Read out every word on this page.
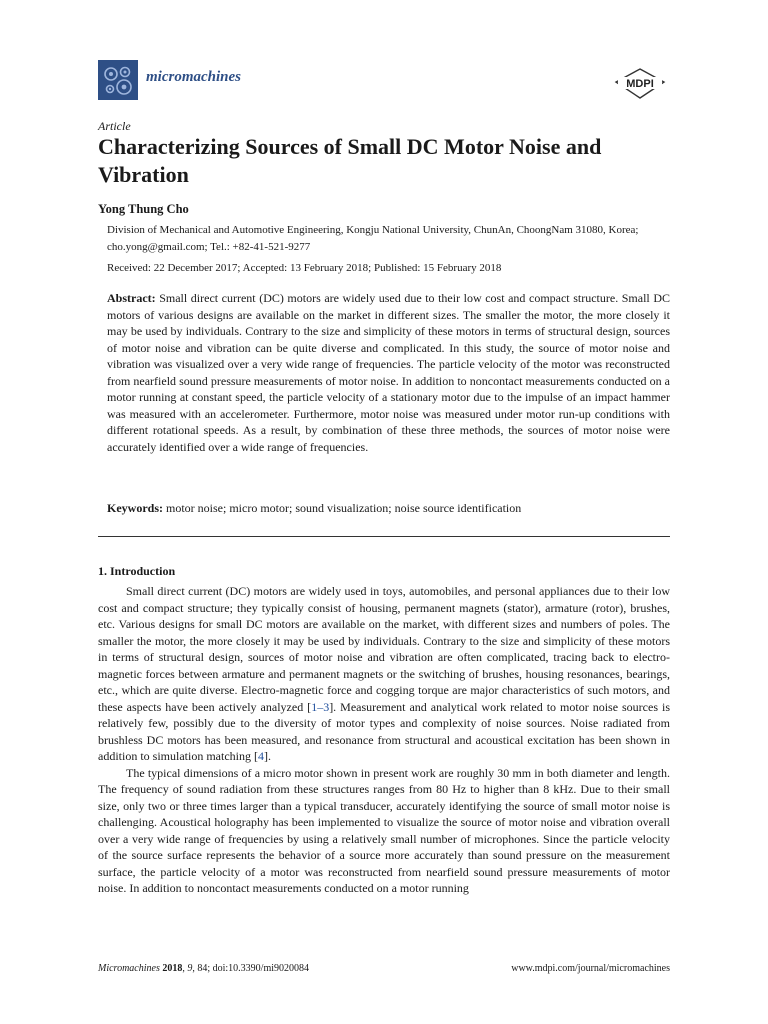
micromachines	MDPI
Article
Characterizing Sources of Small DC Motor Noise and Vibration
Yong Thung Cho
Division of Mechanical and Automotive Engineering, Kongju National University, ChunAn, ChoongNam 31080, Korea; cho.yong@gmail.com; Tel.: +82-41-521-9277
Received: 22 December 2017; Accepted: 13 February 2018; Published: 15 February 2018

Abstract: Small direct current (DC) motors are widely used due to their low cost and compact structure. Small DC motors of various designs are available on the market in different sizes. The smaller the motor, the more closely it may be used by individuals. Contrary to the size and simplicity of these motors in terms of structural design, sources of motor noise and vibration can be quite diverse and complicated. In this study, the source of motor noise and vibration was visualized over a very wide range of frequencies. The particle velocity of the motor was reconstructed from nearfield sound pressure measurements of motor noise. In addition to noncontact measurements conducted on a motor running at constant speed, the particle velocity of a stationary motor due to the impulse of an impact hammer was measured with an accelerometer. Furthermore, motor noise was measured under motor run-up conditions with different rotational speeds. As a result, by combination of these three methods, the sources of motor noise were accurately identified over a wide range of frequencies.

Keywords: motor noise; micro motor; sound visualization; noise source identification

1. Introduction

Small direct current (DC) motors are widely used in toys, automobiles, and personal appliances due to their low cost and compact structure; they typically consist of housing, permanent magnets (stator), armature (rotor), brushes, etc. Various designs for small DC motors are available on the market, with different sizes and numbers of poles. The smaller the motor, the more closely it may be used by individuals. Contrary to the size and simplicity of these motors in terms of structural design, sources of motor noise and vibration are often complicated, tracing back to electro-magnetic forces between armature and permanent magnets or the switching of brushes, housing resonances, bearings, etc., which are quite diverse. Electro-magnetic force and cogging torque are major characteristics of such motors, and these aspects have been actively analyzed [1–3]. Measurement and analytical work related to motor noise sources is relatively few, possibly due to the diversity of motor types and complexity of noise sources. Noise radiated from brushless DC motors has been measured, and resonance from structural and acoustical excitation has been shown in addition to simulation matching [4].

The typical dimensions of a micro motor shown in present work are roughly 30 mm in both diameter and length. The frequency of sound radiation from these structures ranges from 80 Hz to higher than 8 kHz. Due to their small size, only two or three times larger than a typical transducer, accurately identifying the source of small motor noise is challenging. Acoustical holography has been implemented to visualize the source of motor noise and vibration overall over a very wide range of frequencies by using a relatively small number of microphones. Since the particle velocity of the source surface represents the behavior of a source more accurately than sound pressure on the measurement surface, the particle velocity of a motor was reconstructed from nearfield sound pressure measurements of motor noise. In addition to noncontact measurements conducted on a motor running

Micromachines 2018, 9, 84; doi:10.3390/mi9020084	www.mdpi.com/journal/micromachines
